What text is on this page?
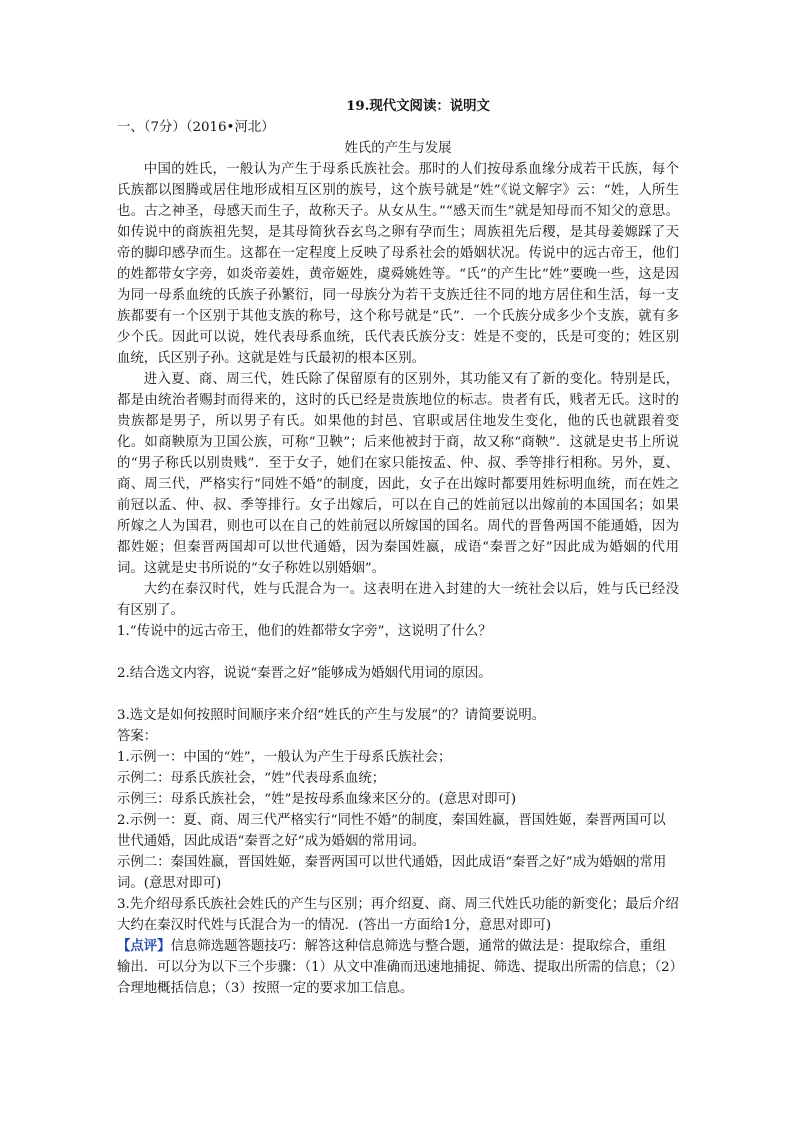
19.现代文阅读：说明文
一、（7分）（2016•河北）
姓氏的产生与发展

中国的姓氏，一般认为产生于母系氏族社会。那时的人们按母系血缘分成若干氏族，每个氏族都以图腾或居住地形成相互区别的族号，这个族号就是“姓”《说文解字》云：“姓，人所生也。古之神圣，母感天而生子，故称天子。从女从生。”“感天而生”就是知母而不知父的意思。如传说中的商族祖先契，是其母简狄吞玄鸟之卵有孕而生；周族祖先后稷，是其母姜嫄踩了天帝的脚印感孕而生。这都在一定程度上反映了母系社会的婚姻状况。传说中的远古帝王，他们的姓都带女字旁，如炎帝姜姓，黄帝姬姓，虞舜姚姓等。“氏”的产生比“姓”要晚一些，这是因为同一母系血统的氏族子孙繁衍，同一母族分为若干支族迁往不同的地方居住和生活，每一支族都要有一个区别于其他支族的称号，这个称号就是“氏”．一个氏族分成多少个支族，就有多少个氏。因此可以说，姓代表母系血统，氏代表氏族分支：姓是不变的，氏是可变的；姓区别血统，氏区别子孙。这就是姓与氏最初的根本区别。

进入夏、商、周三代，姓氏除了保留原有的区别外，其功能又有了新的变化。特别是氏，都是由统治者赐封而得来的，这时的氏已经是贵族地位的标志。贵者有氏，贱者无氏。这时的贵族都是男子，所以男子有氏。如果他的封邑、官职或居住地发生变化，他的氏也就跟着变化。如商鞅原为卫国公族，可称“卫鞅”；后来他被封于商，故又称“商鞅”．这就是史书上所说的“男子称氏以别贵贱”．至于女子，她们在家只能按孟、仲、叔、季等排行相称。另外，夏、商、周三代，严格实行“同姓不婚”的制度，因此，女子在出嫁时都要用姓标明血统，而在姓之前冠以孟、仲、叔、季等排行。女子出嫁后，可以在自己的姓前冠以出嫁前的本国国名；如果所嫁之人为国君，则也可以在自己的姓前冠以所嫁国的国名。周代的晋鲁两国不能通婚，因为都姓姬；但秦晋两国却可以世代通婚，因为秦国姓嬴，成语“秦晋之好”因此成为婚姻的代用词。这就是史书所说的“女子称姓以别婚姻”。

大约在泰汉时代，姓与氏混合为一。这表明在进入封建的大一统社会以后，姓与氏已经没有区别了。

1.“传说中的远古帝王，他们的姓都带女字旁”，这说明了什么？

2.结合选文内容，说说“秦晋之好”能够成为婚姻代用词的原因。

3.选文是如何按照时间顺序来介绍“姓氏的产生与发展”的？请简要说明。

答案：

1.示例一：中国的“姓”，一般认为产生于母系氏族社会；

示例二：母系氏族社会，“姓”代表母系血统；

示例三：母系氏族社会，“姓”是按母系血缘来区分的。(意思对即可)

2.示例一：夏、商、周三代严格实行“同性不婚”的制度，秦国姓嬴，晋国姓姬，秦晋两国可以世代通婚，因此成语“秦晋之好”成为婚姻的常用词。

示例二：秦国姓嬴，晋国姓姬，秦晋两国可以世代通婚，因此成语“秦晋之好”成为婚姻的常用词。(意思对即可)

3.先介绍母系氏族社会姓氏的产生与区别；再介绍夏、商、周三代姓氏功能的新变化；最后介绍大约在秦汉时代姓与氏混合为一的情况．(答出一方面给1分，意思对即可)

【点评】信息筛选题答题技巧：解答这种信息筛选与整合题，通常的做法是：提取综合，重组输出．可以分为以下三个步骤：（1）从文中准确而迅速地捕捉、筛选、提取出所需的信息；（2）合理地概括信息；（3）按照一定的要求加工信息。
